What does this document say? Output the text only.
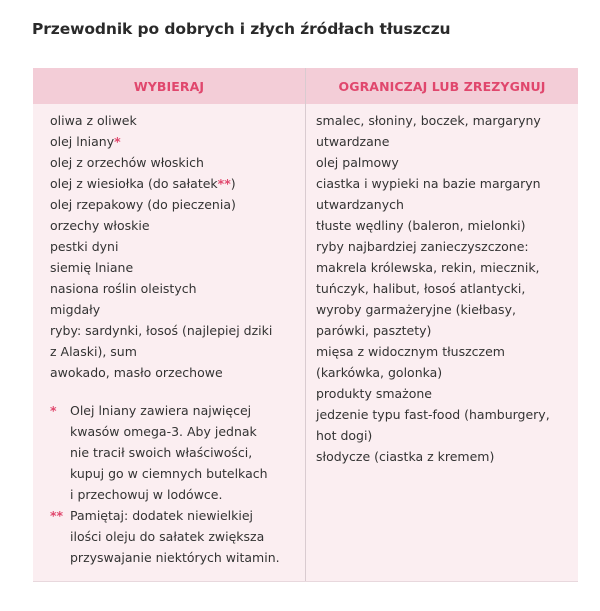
Przewodnik po dobrych i złych źródłach tłuszczu
WYBIERAJ	OGRANICZAJ LUB ZREZYGNUJ
oliwa z oliwek
olej lniany*
olej z orzechów włoskich
olej z wiesiołka (do sałatek**)
olej rzepakowy (do pieczenia)
orzechy włoskie
pestki dyni
siemię lniane
nasiona roślin oleistych
migdały
ryby: sardynki, łosoś (najlepiej dziki
z Alaski), sum
awokado, masło orzechowe
*	Olej lniany zawiera najwięcej
kwasów omega-3. Aby jednak
nie tracił swoich właściwości,
kupuj go w ciemnych butelkach
i przechowuj w lodówce.
** Pamiętaj: dodatek niewielkiej
ilości oleju do sałatek zwiększa
przyswajanie niektórych witamin.
smalec, słoniny, boczek, margaryny
utwardzane
olej palmowy
ciastka i wypieki na bazie margaryn
utwardzanych
tłuste wędliny (baleron, mielonki)
ryby najbardziej zanieczyszczone:
makrela królewska, rekin, miecznik,
tuńczyk, halibut, łosoś atlantycki,
wyroby garmażeryjne (kiełbasy,
parówki, pasztety)
mięsa z widocznym tłuszczem
(karkówka, golonka)
produkty smażone
jedzenie typu fast-food (hamburgery,
hot dogi)
słodycze (ciastka z kremem)
